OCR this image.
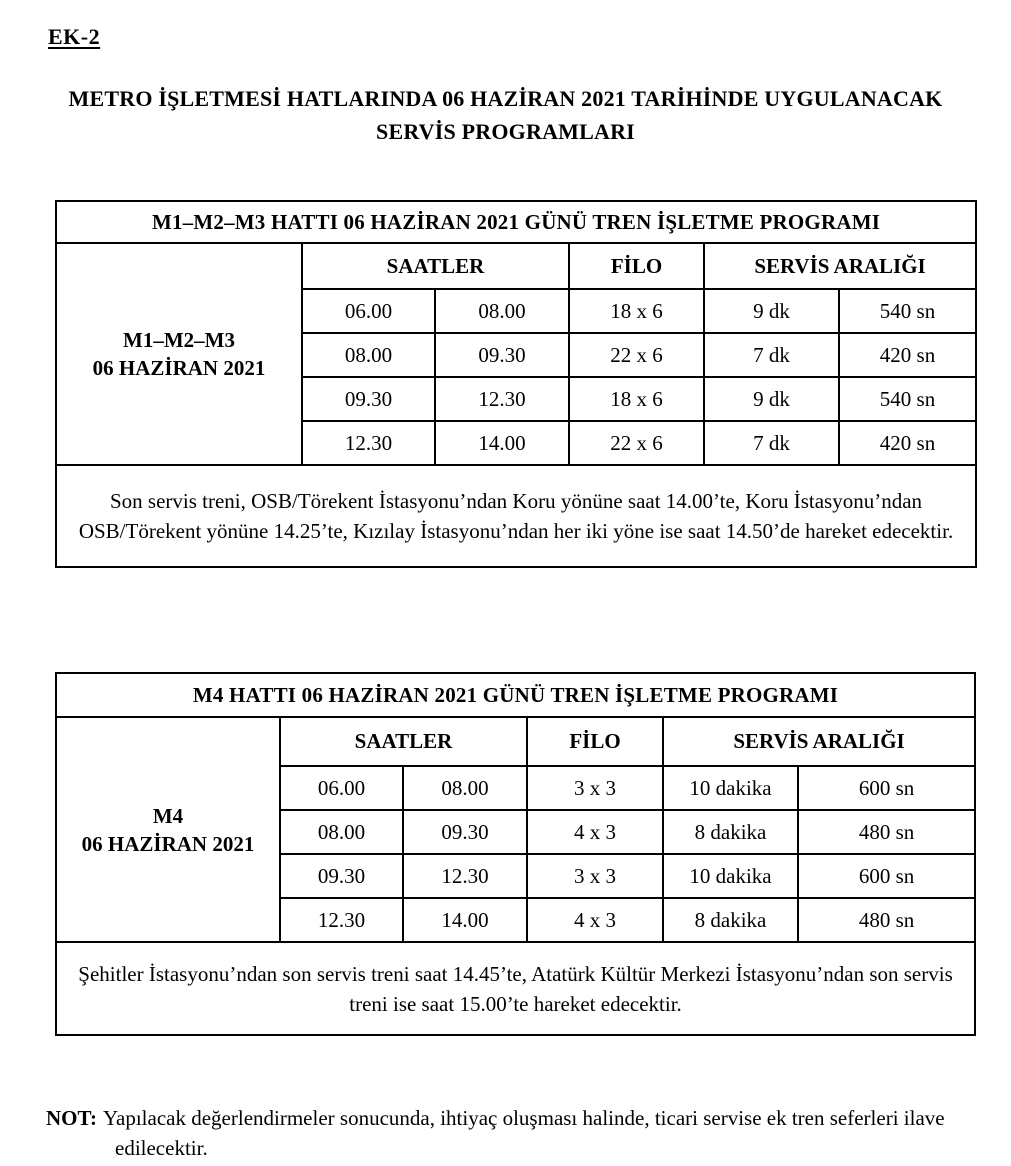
EK-2
METRO İŞLETMESİ HATLARINDA 06 HAZİRAN 2021 TARİHİNDE UYGULANACAK
SERVİS PROGRAMLARI
M1–M2–M3 HATTI 06 HAZİRAN 2021 GÜNÜ TREN İŞLETME PROGRAMI					

M1–M2–M3
06 HAZİRAN 2021	SAATLER		FİLO	SERVİS ARALIĞI	
	06.00	08.00	18 x 6	9 dk	540 sn
	08.00	09.30	22 x 6	7 dk	420 sn
	09.30	12.30	18 x 6	9 dk	540 sn
	12.30	14.00	22 x 6	7 dk	420 sn
Son servis treni, OSB/Törekent İstasyonu’ndan Koru yönüne saat 14.00’te, Koru İstasyonu’ndan OSB/Törekent yönüne 14.25’te, Kızılay İstasyonu’ndan her iki yöne ise saat 14.50’de hareket edecektir.					
M4 HATTI 06 HAZİRAN 2021 GÜNÜ TREN İŞLETME PROGRAMI					

M4
06 HAZİRAN 2021	SAATLER		FİLO	SERVİS ARALIĞI	
	06.00	08.00	3 x 3	10 dakika	600 sn
	08.00	09.30	4 x 3	8 dakika	480 sn
	09.30	12.30	3 x 3	10 dakika	600 sn
	12.30	14.00	4 x 3	8 dakika	480 sn
Şehitler İstasyonu’ndan son servis treni saat 14.45’te, Atatürk Kültür Merkezi İstasyonu’ndan son servis treni ise saat 15.00’te hareket edecektir.					

NOT: Yapılacak değerlendirmeler sonucunda, ihtiyaç oluşması halinde, ticari servise ek tren seferleri ilave edilecektir.
